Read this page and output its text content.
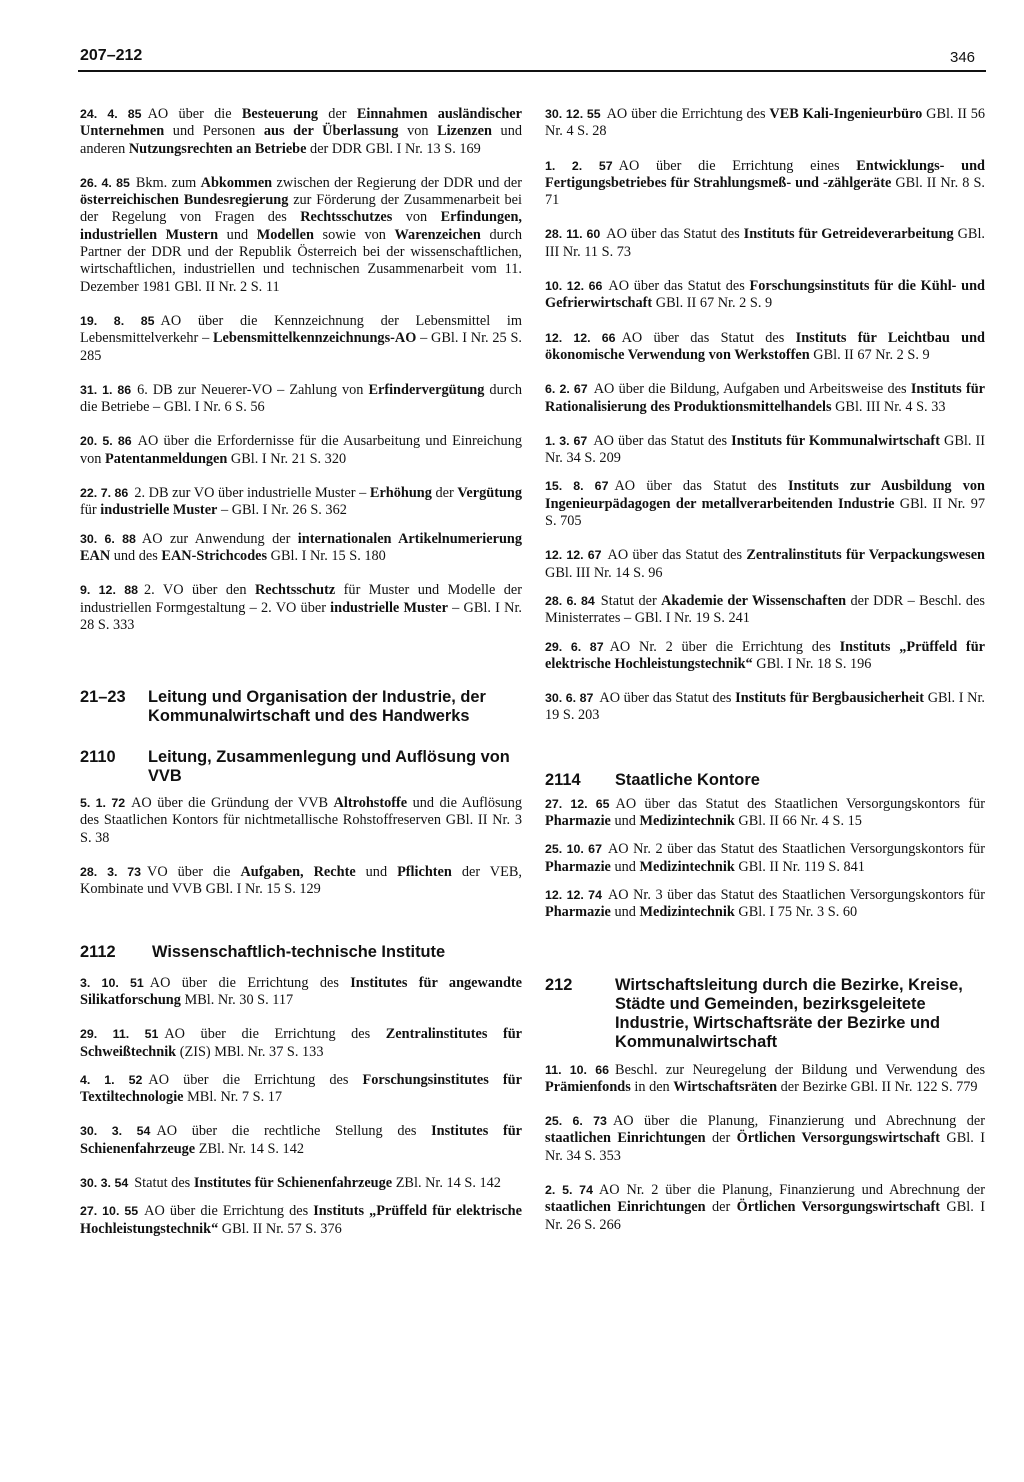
207–212	346

24. 4. 85 AO über die Besteuerung der Einnahmen ausländischer Unternehmen und Personen aus der Überlassung von Lizenzen und anderen Nutzungsrechten an Betriebe der DDR GBl. I Nr. 13 S. 169

26. 4. 85 Bkm. zum Abkommen zwischen der Regierung der DDR und der österreichischen Bundesregierung zur Förderung der Zusammenarbeit bei der Regelung von Fragen des Rechtsschutzes von Erfindungen, industriellen Mustern und Modellen sowie von Warenzeichen durch Partner der DDR und der Republik Österreich bei der wissenschaftlichen, wirtschaftlichen, industriellen und technischen Zusammenarbeit vom 11. Dezember 1981 GBl. II Nr. 2 S. 11

19. 8. 85 AO über die Kennzeichnung der Lebensmittel im Lebensmittelverkehr – Lebensmittelkennzeichnungs-AO – GBl. I Nr. 25 S. 285

31. 1. 86 6. DB zur Neuerer-VO – Zahlung von Erfindervergütung durch die Betriebe – GBl. I Nr. 6 S. 56

20. 5. 86 AO über die Erfordernisse für die Ausarbeitung und Einreichung von Patentanmeldungen GBl. I Nr. 21 S. 320

22. 7. 86 2. DB zur VO über industrielle Muster – Erhöhung der Vergütung für industrielle Muster – GBl. I Nr. 26 S. 362

30. 6. 88 AO zur Anwendung der internationalen Artikelnumerierung EAN und des EAN-Strichcodes GBl. I Nr. 15 S. 180

9. 12. 88 2. VO über den Rechtsschutz für Muster und Modelle der industriellen Formgestaltung – 2. VO über industrielle Muster – GBl. I Nr. 28 S. 333

21–23	Leitung und Organisation der Industrie, der Kommunalwirtschaft und des Handwerks
2110	Leitung, Zusammenlegung und Auflösung von VVB

5. 1. 72 AO über die Gründung der VVB Altrohstoffe und die Auflösung des Staatlichen Kontors für nichtmetallische Rohstoffreserven GBl. II Nr. 3 S. 38

28. 3. 73 VO über die Aufgaben, Rechte und Pflichten der VEB, Kombinate und VVB GBl. I Nr. 15 S. 129

2112	Wissenschaftlich-technische Institute

3. 10. 51 AO über die Errichtung des Institutes für angewandte Silikatforschung MBl. Nr. 30 S. 117

29. 11. 51 AO über die Errichtung des Zentralinstitutes für Schweißtechnik (ZIS) MBl. Nr. 37 S. 133

4. 1. 52 AO über die Errichtung des Forschungsinstitutes für Textiltechnologie MBl. Nr. 7 S. 17

30. 3. 54 AO über die rechtliche Stellung des Institutes für Schienenfahrzeuge ZBl. Nr. 14 S. 142

30. 3. 54 Statut des Institutes für Schienenfahrzeuge ZBl. Nr. 14 S. 142

27. 10. 55 AO über die Errichtung des Instituts „Prüffeld für elektrische Hochleistungstechnik“ GBl. II Nr. 57 S. 376

30. 12. 55 AO über die Errichtung des VEB Kali-Ingenieurbüro GBl. II 56 Nr. 4 S. 28

1. 2. 57 AO über die Errichtung eines Entwicklungs- und Fertigungsbetriebes für Strahlungsmeß- und -zählgeräte GBl. II Nr. 8 S. 71

28. 11. 60 AO über das Statut des Instituts für Getreideverarbeitung GBl. III Nr. 11 S. 73

10. 12. 66 AO über das Statut des Forschungsinstituts für die Kühl- und Gefrierwirtschaft GBl. II 67 Nr. 2 S. 9

12. 12. 66 AO über das Statut des Instituts für Leichtbau und ökonomische Verwendung von Werkstoffen GBl. II 67 Nr. 2 S. 9

6. 2. 67 AO über die Bildung, Aufgaben und Arbeitsweise des Instituts für Rationalisierung des Produktionsmittelhandels GBl. III Nr. 4 S. 33

1. 3. 67 AO über das Statut des Instituts für Kommunalwirtschaft GBl. II Nr. 34 S. 209

15. 8. 67 AO über das Statut des Instituts zur Ausbildung von Ingenieurpädagogen der metallverarbeitenden Industrie GBl. II Nr. 97 S. 705

12. 12. 67 AO über das Statut des Zentralinstituts für Verpackungswesen GBl. III Nr. 14 S. 96

28. 6. 84 Statut der Akademie der Wissenschaften der DDR – Beschl. des Ministerrates – GBl. I Nr. 19 S. 241

29. 6. 87 AO Nr. 2 über die Errichtung des Instituts „Prüffeld für elektrische Hochleistungstechnik“ GBl. I Nr. 18 S. 196

30. 6. 87 AO über das Statut des Instituts für Bergbausicherheit GBl. I Nr. 19 S. 203

2114	Staatliche Kontore

27. 12. 65 AO über das Statut des Staatlichen Versorgungskontors für Pharmazie und Medizintechnik GBl. II 66 Nr. 4 S. 15

25. 10. 67 AO Nr. 2 über das Statut des Staatlichen Versorgungskontors für Pharmazie und Medizintechnik GBl. II Nr. 119 S. 841

12. 12. 74 AO Nr. 3 über das Statut des Staatlichen Versorgungskontors für Pharmazie und Medizintechnik GBl. I 75 Nr. 3 S. 60

212	Wirtschaftsleitung durch die Bezirke, Kreise, Städte und Gemeinden, bezirksgeleitete Industrie, Wirtschaftsräte der Bezirke und Kommunalwirtschaft

11. 10. 66 Beschl. zur Neuregelung der Bildung und Verwendung des Prämienfonds in den Wirtschaftsräten der Bezirke GBl. II Nr. 122 S. 779

25. 6. 73 AO über die Planung, Finanzierung und Abrechnung der staatlichen Einrichtungen der Örtlichen Versorgungswirtschaft GBl. I Nr. 34 S. 353

2. 5. 74 AO Nr. 2 über die Planung, Finanzierung und Abrechnung der staatlichen Einrichtungen der Örtlichen Versorgungswirtschaft GBl. I Nr. 26 S. 266
